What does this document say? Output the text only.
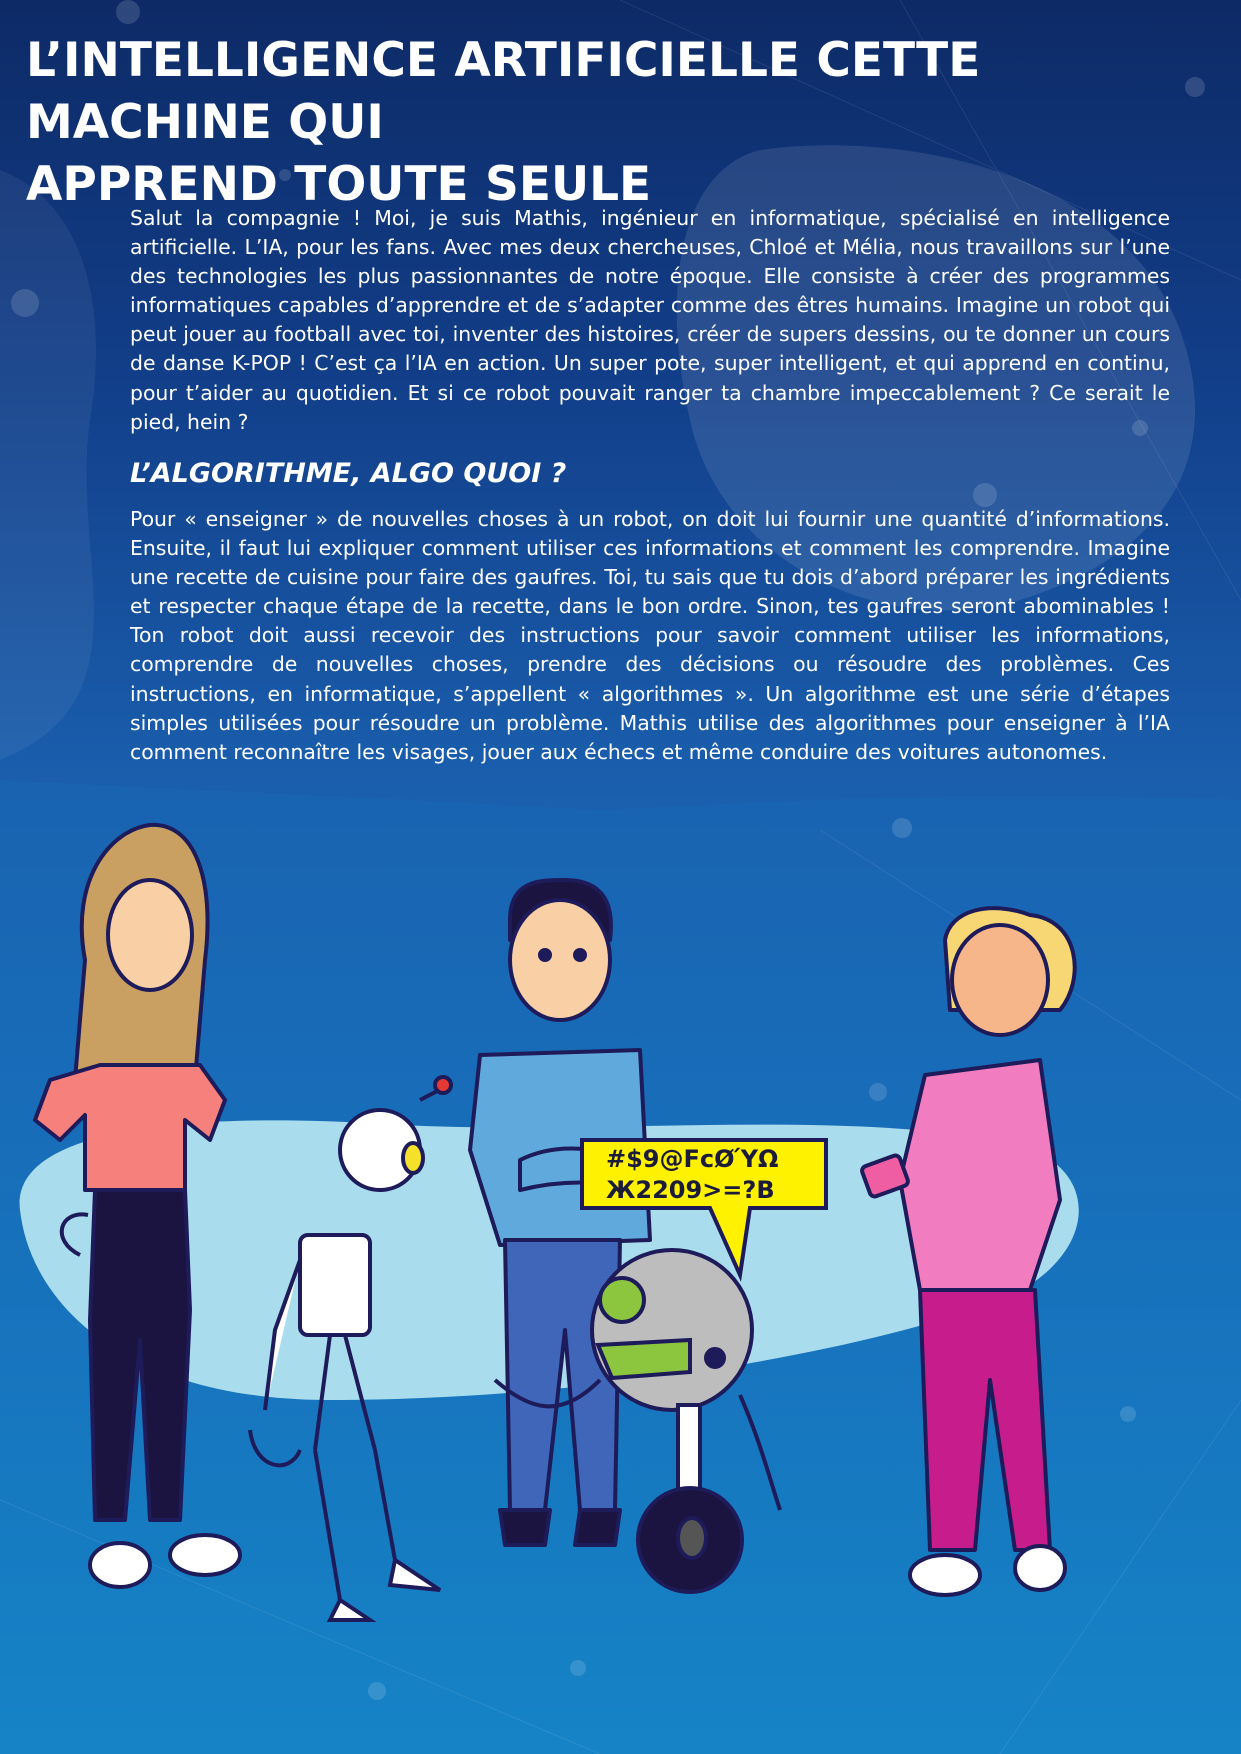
L’INTELLIGENCE ARTIFICIELLE CETTE MACHINE QUI
APPREND TOUTE SEULE

Salut la compagnie ! Moi, je suis Mathis, ingénieur en informatique, spécialisé en intelligence artificielle. L’IA, pour les fans. Avec mes deux chercheuses, Chloé et Mélia, nous travaillons sur l’une des technologies les plus passionnantes de notre époque. Elle consiste à créer des programmes informatiques capables d’apprendre et de s’adapter comme des êtres humains. Imagine un robot qui peut jouer au football avec toi, inventer des histoires, créer de supers dessins, ou te donner un cours de danse K-POP ! C’est ça l’IA en action. Un super pote, super intelligent, et qui apprend en continu, pour t’aider au quotidien. Et si ce robot pouvait ranger ta chambre impeccablement ? Ce serait le pied, hein ?

L’ALGORITHME, ALGO QUOI ?

Pour « enseigner » de nouvelles choses à un robot, on doit lui fournir une quantité d’informations. Ensuite, il faut lui expliquer comment utiliser ces informations et comment les comprendre. Imagine une recette de cuisine pour faire des gaufres. Toi, tu sais que tu dois d’abord préparer les ingrédients et respecter chaque étape de la recette, dans le bon ordre. Sinon, tes gaufres seront abominables ! Ton robot doit aussi recevoir des instructions pour savoir comment utiliser les informations, comprendre de nouvelles choses, prendre des décisions ou résoudre des problèmes. Ces instructions, en informatique, s’appellent « algorithmes ». Un algorithme est une série d’étapes simples utilisées pour résoudre un problème. Mathis utilise des algorithmes pour enseigner à l’IA comment reconnaître les visages, jouer aux échecs et même conduire des voitures autonomes.

#$9@FcØΎΩ
Ж2209>=?B
